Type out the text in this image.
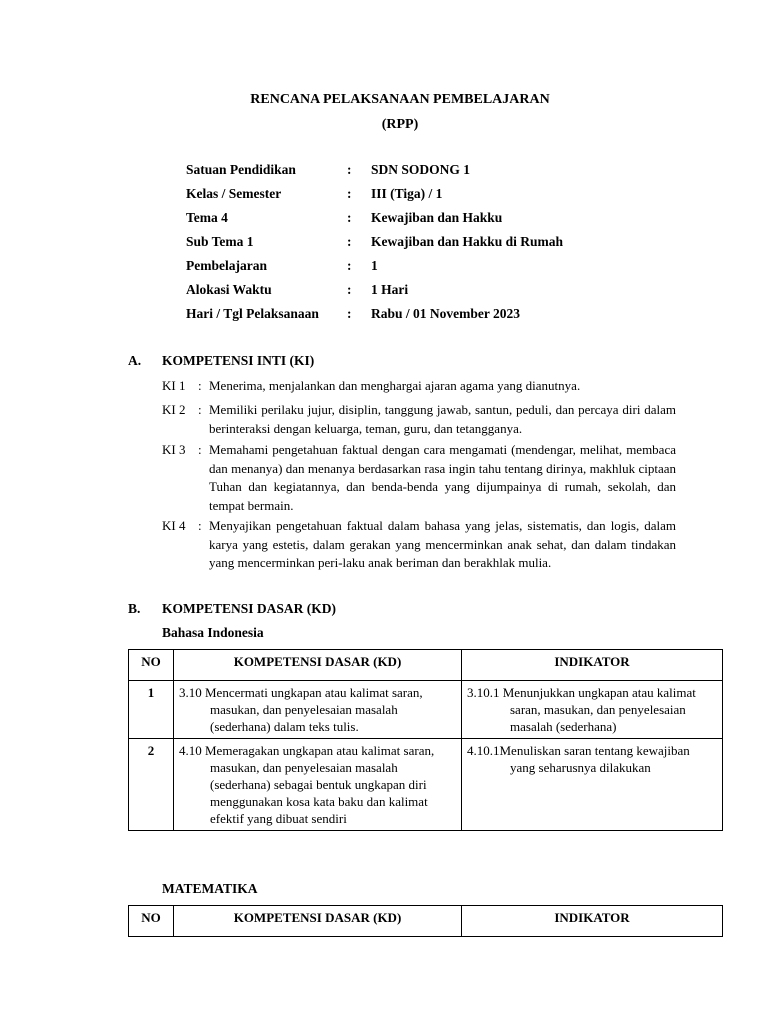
RENCANA PELAKSANAAN PEMBELAJARAN
(RPP)
Satuan Pendidikan	: SDN SODONG 1
Kelas / Semester	: III (Tiga) / 1
Tema 4	: Kewajiban dan Hakku
Sub Tema 1	: Kewajiban dan Hakku di Rumah
Pembelajaran	: 1
Alokasi Waktu	: 1 Hari
Hari / Tgl Pelaksanaan : Rabu / 01 November 2023
A. KOMPETENSI INTI (KI)
KI 1 : Menerima, menjalankan dan menghargai ajaran agama yang dianutnya.
KI 2 : Memiliki perilaku jujur, disiplin, tanggung jawab, santun, peduli, dan percaya diri dalam berinteraksi dengan keluarga, teman, guru, dan tetangganya.
KI 3 : Memahami pengetahuan faktual dengan cara mengamati (mendengar, melihat, membaca dan menanya) dan menanya berdasarkan rasa ingin tahu tentang dirinya, makhluk ciptaan Tuhan dan kegiatannya, dan benda-benda yang dijumpainya di rumah, sekolah, dan tempat bermain.
KI 4 : Menyajikan pengetahuan faktual dalam bahasa yang jelas, sistematis, dan logis, dalam karya yang estetis, dalam gerakan yang mencerminkan anak sehat, dan dalam tindakan yang mencerminkan peri-laku anak beriman dan berakhlak mulia.
B. KOMPETENSI DASAR (KD)
Bahasa Indonesia
NO	KOMPETENSI DASAR (KD)	INDIKATOR
1	3.10 Mencermati ungkapan atau kalimat saran, masukan, dan penyelesaian masalah (sederhana) dalam teks tulis.	3.10.1 Menunjukkan ungkapan atau kalimat saran, masukan, dan penyelesaian masalah (sederhana)

2	4.10 Memeragakan ungkapan atau kalimat saran, masukan, dan penyelesaian masalah (sederhana) sebagai bentuk ungkapan diri menggunakan kosa kata baku dan kalimat efektif yang dibuat sendiri	4.10.1Menuliskan saran tentang kewajiban yang seharusnya dilakukan
MATEMATIKA
NO	KOMPETENSI DASAR (KD)	INDIKATOR
